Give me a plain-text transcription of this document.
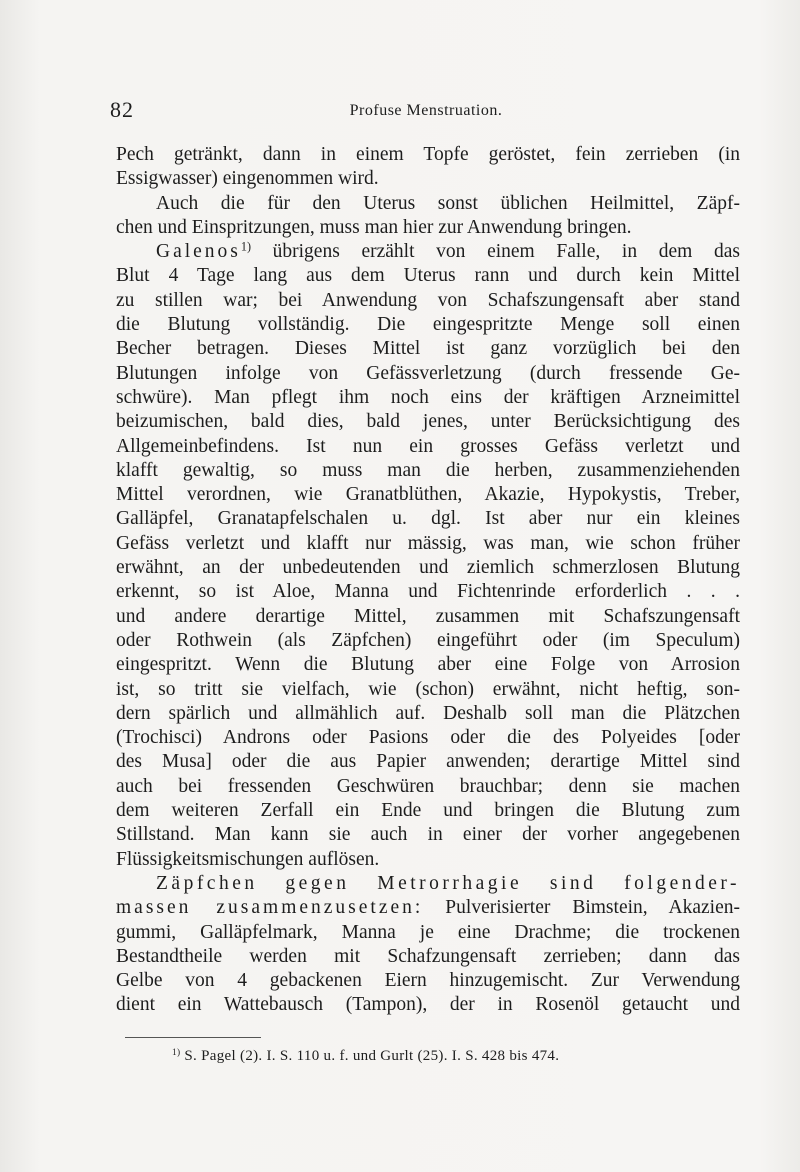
82	Profuse Menstruation.
Pech getränkt, dann in einem Topfe geröstet, fein zerrieben (in
Essigwasser) eingenommen wird.
Auch die für den Uterus sonst üblichen Heilmittel, Zäpf-
chen und Einspritzungen, muss man hier zur Anwendung bringen.
Galenos$^{1)}$ übrigens erzählt von einem Falle, in dem das
Blut 4 Tage lang aus dem Uterus rann und durch kein Mittel
zu stillen war; bei Anwendung von Schafszungensaft aber stand
die Blutung vollständig. Die eingespritzte Menge soll einen
Becher betragen. Dieses Mittel ist ganz vorzüglich bei den
Blutungen infolge von Gefässverletzung (durch fressende Ge-
schwüre). Man pflegt ihm noch eins der kräftigen Arzneimittel
beizumischen, bald dies, bald jenes, unter Berücksichtigung des
Allgemeinbefindens. Ist nun ein grosses Gefäss verletzt und
klafft gewaltig, so muss man die herben, zusammenziehenden
Mittel verordnen, wie Granatblüthen, Akazie, Hypokystis, Treber,
Galläpfel, Granatapfelschalen u. dgl. Ist aber nur ein kleines
Gefäss verletzt und klafft nur mässig, was man, wie schon früher
erwähnt, an der unbedeutenden und ziemlich schmerzlosen Blutung
erkennt, so ist Aloe, Manna und Fichtenrinde erforderlich . . .
und andere derartige Mittel, zusammen mit Schafszungensaft
oder Rothwein (als Zäpfchen) eingeführt oder (im Speculum)
eingespritzt. Wenn die Blutung aber eine Folge von Arrosion
ist, so tritt sie vielfach, wie (schon) erwähnt, nicht heftig, son-
dern spärlich und allmählich auf. Deshalb soll man die Plätzchen
(Trochisci) Androns oder Pasions oder die des Polyeides [oder
des Musa] oder die aus Papier anwenden; derartige Mittel sind
auch bei fressenden Geschwüren brauchbar; denn sie machen
dem weiteren Zerfall ein Ende und bringen die Blutung zum
Stillstand. Man kann sie auch in einer der vorher angegebenen
Flüssigkeitsmischungen auflösen.
Zäpfchen gegen Metrorrhagie sind folgender-
massen zusammenzusetzen: Pulverisierter Bimstein, Akazien-
gummi, Galläpfelmark, Manna je eine Drachme; die trockenen
Bestandtheile werden mit Schafzungensaft zerrieben; dann das
Gelbe von 4 gebackenen Eiern hinzugemischt. Zur Verwendung
dient ein Wattebausch (Tampon), der in Rosenöl getaucht und
$^{1)}$ S. Pagel (2). I. S. 110 u. f. und Gurlt (25). I. S. 428 bis 474.
